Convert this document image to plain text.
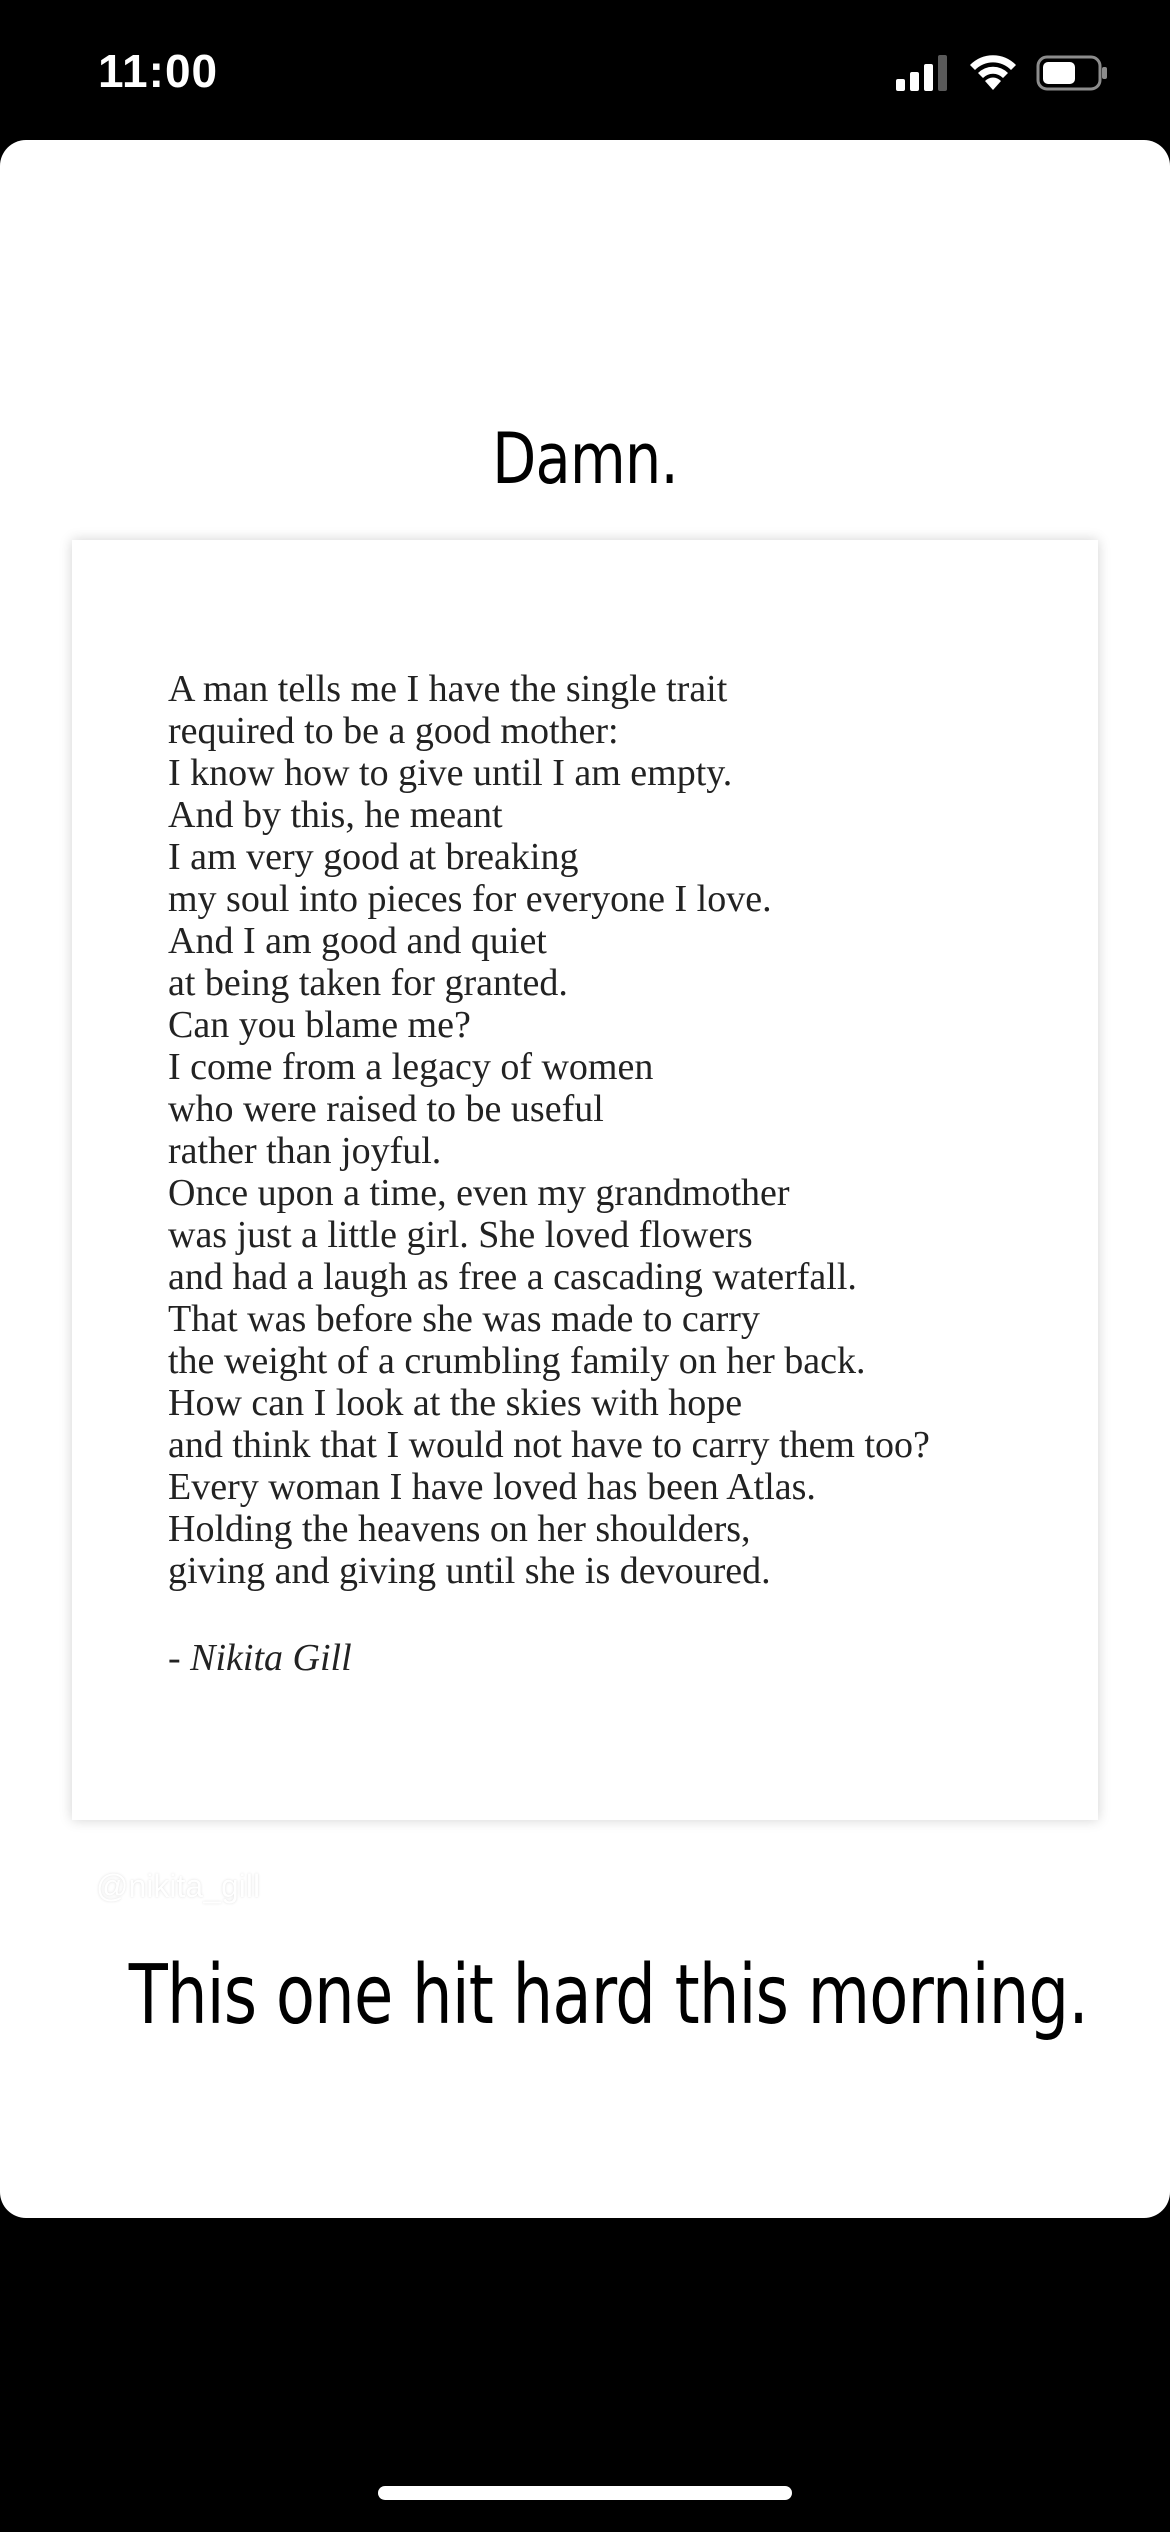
11:00
Damn.
A man tells me I have the single trait
required to be a good mother:
I know how to give until I am empty.
And by this, he meant
I am very good at breaking
my soul into pieces for everyone I love.
And I am good and quiet
at being taken for granted.
Can you blame me?
I come from a legacy of women
who were raised to be useful
rather than joyful.
Once upon a time, even my grandmother
was just a little girl. She loved flowers
and had a laugh as free a cascading waterfall.
That was before she was made to carry
the weight of a crumbling family on her back.
How can I look at the skies with hope
and think that I would not have to carry them too?
Every woman I have loved has been Atlas.
Holding the heavens on her shoulders,
giving and giving until she is devoured.
- Nikita Gill
@nikita_gill
This one hit hard this morning.
